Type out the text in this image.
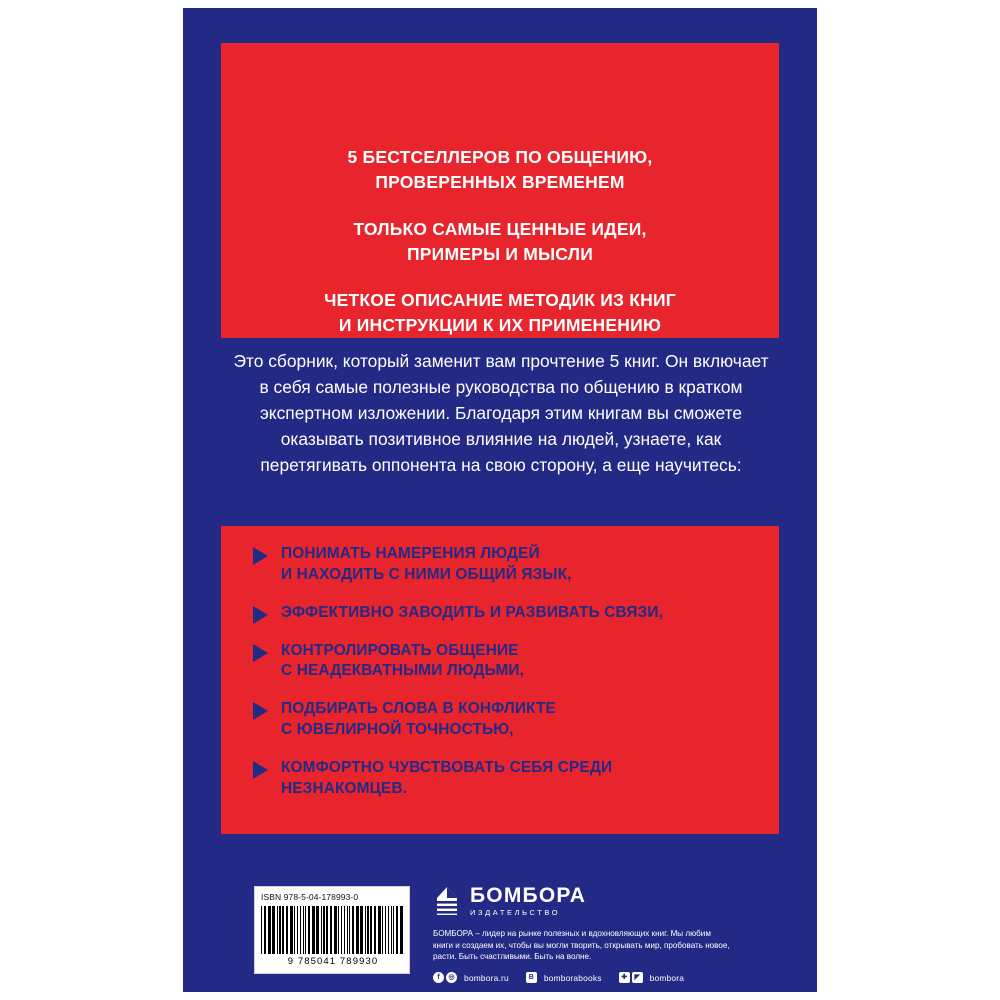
5 БЕСТСЕЛЛЕРОВ ПО ОБЩЕНИЮ,
ПРОВЕРЕННЫХ ВРЕМЕНЕМ
ТОЛЬКО САМЫЕ ЦЕННЫЕ ИДЕИ,
ПРИМЕРЫ И МЫСЛИ
ЧЕТКОЕ ОПИСАНИЕ МЕТОДИК ИЗ КНИГ
И ИНСТРУКЦИИ К ИХ ПРИМЕНЕНИЮ
Это сборник, который заменит вам прочтение 5 книг. Он включает в себя самые полезные руководства по общению в кратком экспертном изложении. Благодаря этим книгам вы сможете оказывать позитивное влияние на людей, узнаете, как перетягивать оппонента на свою сторону, а еще научитесь:
ПОНИМАТЬ НАМЕРЕНИЯ ЛЮДЕЙ
И НАХОДИТЬ С НИМИ ОБЩИЙ ЯЗЫК,
ЭФФЕКТИВНО ЗАВОДИТЬ И РАЗВИВАТЬ СВЯЗИ,
КОНТРОЛИРОВАТЬ ОБЩЕНИЕ
С НЕАДЕКВАТНЫМИ ЛЮДЬМИ,
ПОДБИРАТЬ СЛОВА В КОНФЛИКТЕ
С ЮВЕЛИРНОЙ ТОЧНОСТЬЮ,
КОМФОРТНО ЧУВСТВОВАТЬ СЕБЯ СРЕДИ
НЕЗНАКОМЦЕВ.
ISBN 978-5-04-178993-0
9 785041 789930
БОМБОРА
ИЗДАТЕЛЬСТВО
БОМБОРА – лидер на рынке полезных и вдохновляющих книг. Мы любим книги и создаем их, чтобы вы могли творить, открывать мир, пробовать новое, расти. Быть счастливыми. Быть на волне.
f	◎ bombora.ru	B	bomborabooks	✚	◤	bombora
